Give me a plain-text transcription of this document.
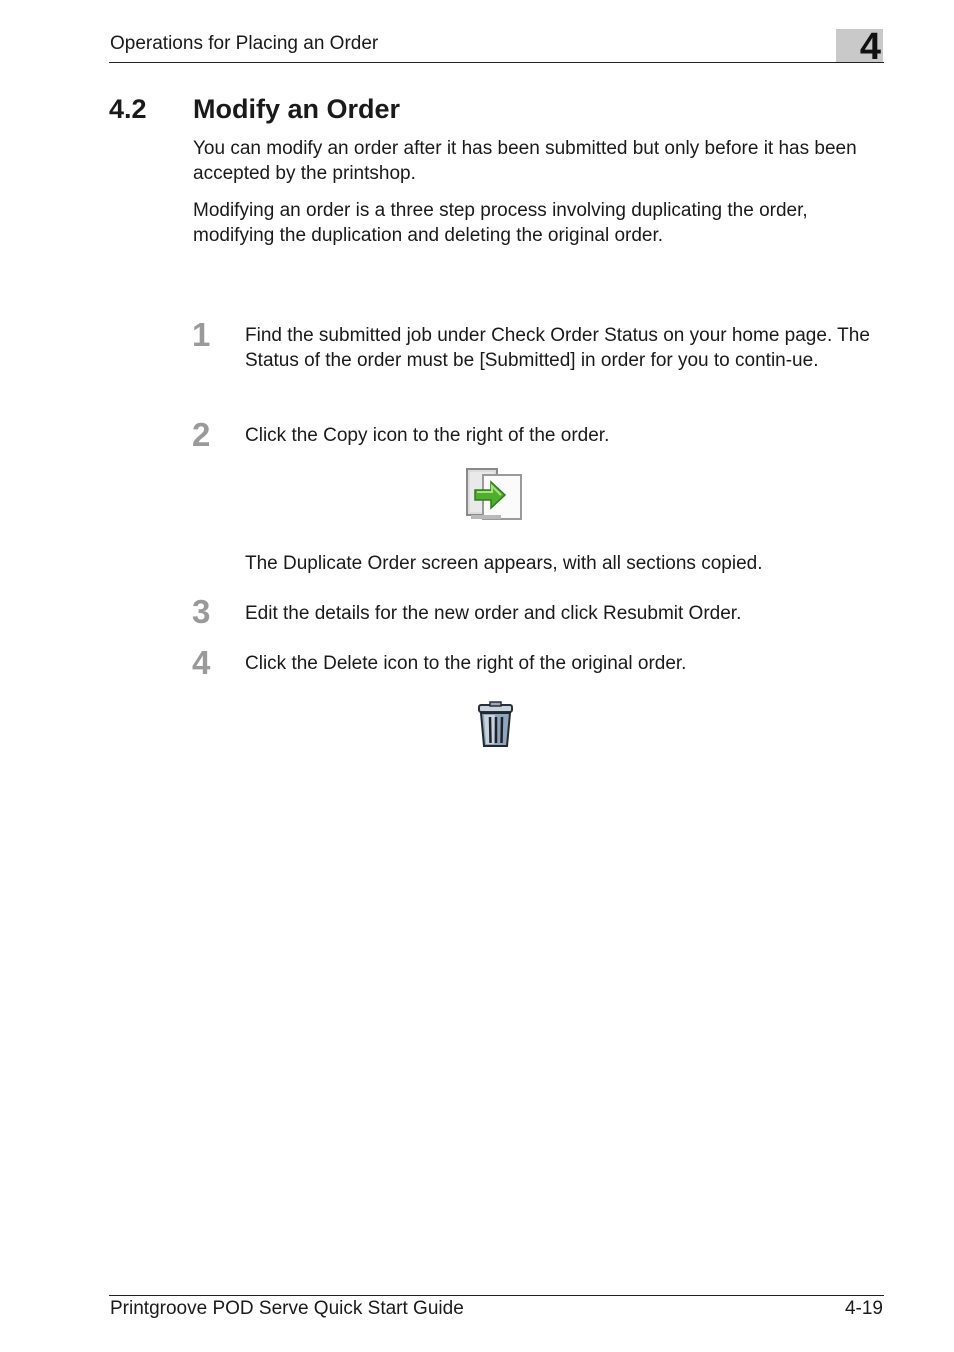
Operations for Placing an Order	4
4.2 Modify an Order

You can modify an order after it has been submitted but only before it has been accepted by the printshop.

Modifying an order is a three step process involving duplicating the order, modifying the duplication and deleting the original order.

1 Find the submitted job under Check Order Status on your home page. The Status of the order must be [Submitted] in order for you to contin-ue.

2 Click the Copy icon to the right of the order.

The Duplicate Order screen appears, with all sections copied.

3 Edit the details for the new order and click Resubmit Order.

4 Click the Delete icon to the right of the original order.

Printgroove POD Serve Quick Start Guide	4-19
